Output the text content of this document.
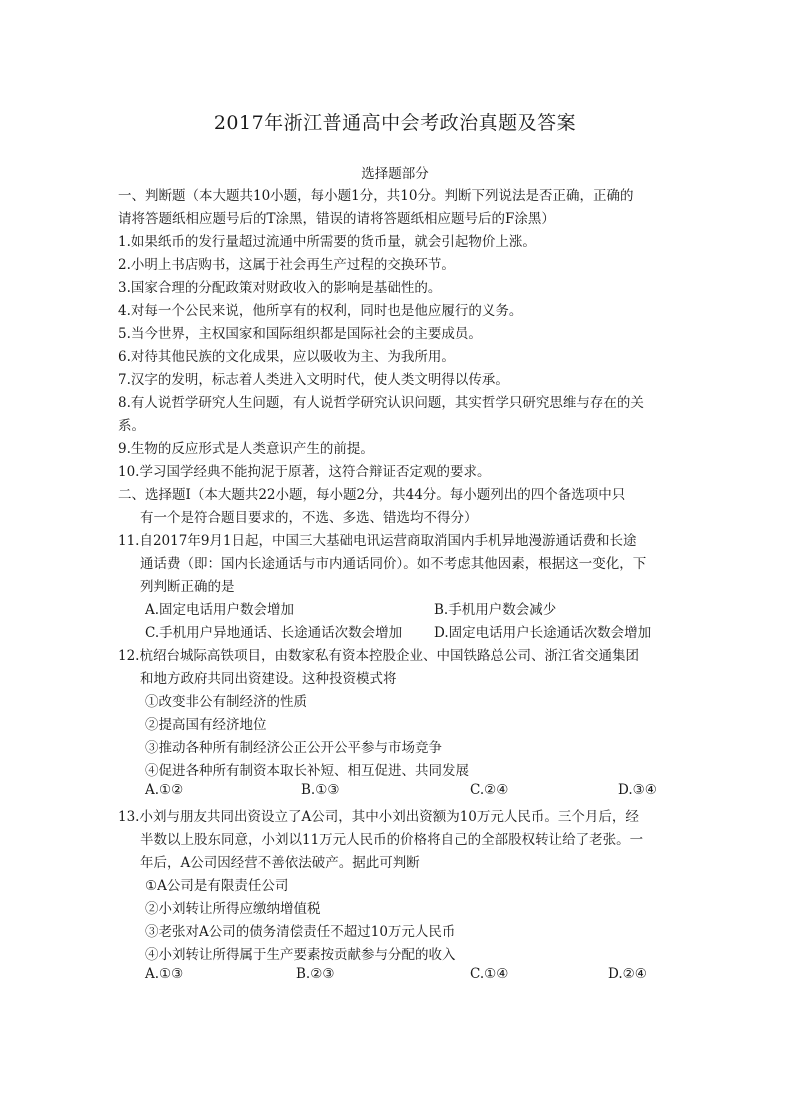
2017年浙江普通高中会考政治真题及答案
选择题部分
一、判断题（本大题共10小题，每小题1分，共10分。判断下列说法是否正确，正确的
请将答题纸相应题号后的T涂黑，错误的请将答题纸相应题号后的F涂黑）
1.如果纸币的发行量超过流通中所需要的货币量，就会引起物价上涨。
2.小明上书店购书，这属于社会再生产过程的交换环节。
3.国家合理的分配政策对财政收入的影响是基础性的。
4.对每一个公民来说，他所享有的权利，同时也是他应履行的义务。
5.当今世界，主权国家和国际组织都是国际社会的主要成员。
6.对待其他民族的文化成果，应以吸收为主、为我所用。
7.汉字的发明，标志着人类进入文明时代，使人类文明得以传承。
8.有人说哲学研究人生问题，有人说哲学研究认识问题，其实哲学只研究思维与存在的关
系。
9.生物的反应形式是人类意识产生的前提。
10.学习国学经典不能拘泥于原著，这符合辩证否定观的要求。
二、选择题Ⅰ（本大题共22小题，每小题2分，共44分。每小题列出的四个备选项中只
有一个是符合题目要求的，不选、多选、错选均不得分）
11.自2017年9月1日起，中国三大基础电讯运营商取消国内手机异地漫游通话费和长途
通话费（即：国内长途通话与市内通话同价）。如不考虑其他因素，根据这一变化，下
列判断正确的是
A.固定电话用户数会增加	B.手机用户数会减少
C.手机用户异地通话、长途通话次数会增加 D.固定电话用户长途通话次数会增加
12.杭绍台城际高铁项目，由数家私有资本控股企业、中国铁路总公司、浙江省交通集团
和地方政府共同出资建设。这种投资模式将
①改变非公有制经济的性质
②提高国有经济地位
③推动各种所有制经济公正公开公平参与市场竞争
④促进各种所有制资本取长补短、相互促进、共同发展
A.①②	B.①③	C.②④	D.③④
13.小刘与朋友共同出资设立了A公司，其中小刘出资额为10万元人民币。三个月后，经
半数以上股东同意，小刘以11万元人民币的价格将自己的全部股权转让给了老张。一
年后，A公司因经营不善依法破产。据此可判断
①A公司是有限责任公司
②小刘转让所得应缴纳增值税
③老张对A公司的债务清偿责任不超过10万元人民币
④小刘转让所得属于生产要素按贡献参与分配的收入
A.①③	B.②③	C.①④	D.②④
